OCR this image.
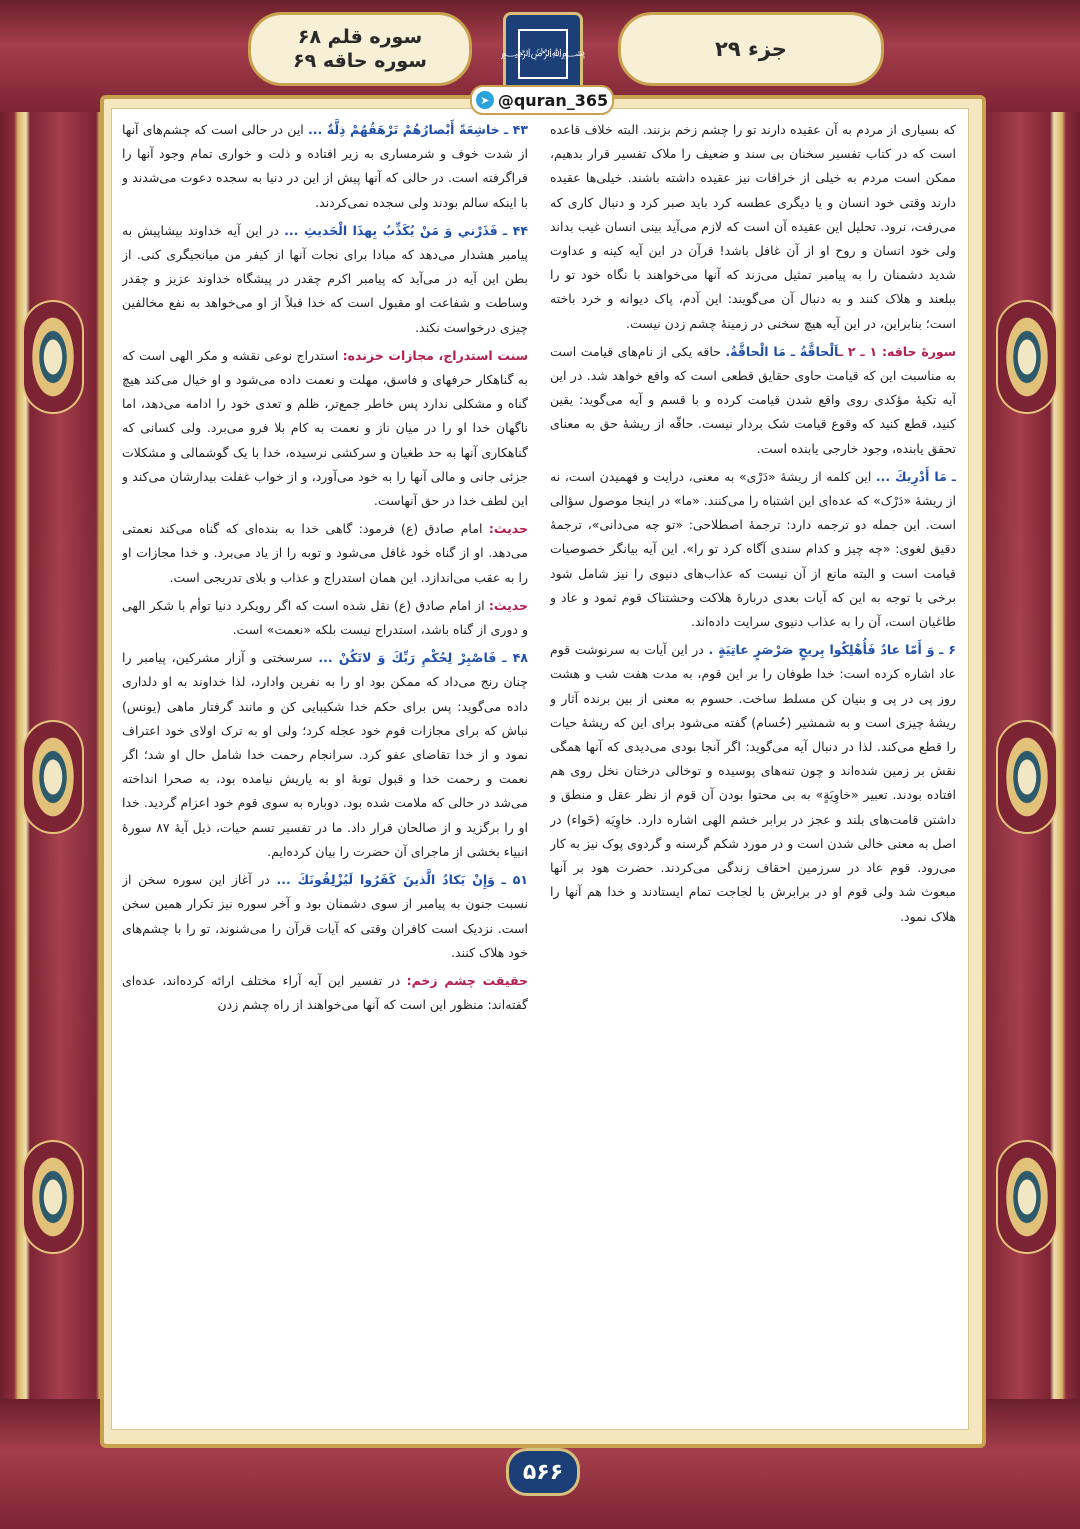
جزء ۲۹
سوره قلم ۶۸
سوره حاقه ۶۹	﷽
➤ @quran_365

۴۳ ـ خاشِعَةً أَبْصارُهُمْ تَرْهَقُهُمْ ذِلَّةٌ ... این در حالی است که چشم‌های آنها از شدت خوف و شرمساری به زیر افتاده و ذلت و خواری تمام وجود آنها را فراگرفته است. در حالی که آنها پیش از این در دنیا به سجده دعوت می‌شدند و با اینکه سالم بودند ولی سجده نمی‌کردند.

۴۴ ـ فَذَرْني وَ مَنْ يُكَذِّبُ بِهذَا الْحَديثِ ... در این آیه خداوند بیشاپیش به پیامبر هشدار می‌دهد که مبادا برای نجات آنها از کیفر من میانجیگری کنی. از بطن این آیه در می‌آید که پیامبر اکرم چقدر در پیشگاه خداوند عزیز و چقدر وساطت و شفاعت او مقبول است که خدا قبلاً از او می‌خواهد به نفع مخالفین چیزی درخواست نکند.

سنت استدراج، مجازات خزنده: استدراج نوعی نقشه و مکر الهی است که به گناهکار حرفهای و فاسق، مهلت و نعمت داده می‌شود و او خیال می‌کند هیچ گناه و مشکلی ندارد پس خاطر جمع‌تر، ظلم و تعدی خود را ادامه می‌دهد، اما ناگهان خدا او را در میان ناز و نعمت به کام بلا فرو می‌برد. ولی کسانی که گناهکاری آنها به حد طغیان و سرکشی نرسیده، خدا با یک گوشمالی و مشکلات جزئی جانی و مالی آنها را به خود می‌آورد، و از خواب غفلت بیدارشان می‌کند و این لطف خدا در حق آنهاست.

حدیث: امام صادق (ع) فرمود: گاهی خدا به بنده‌ای که گناه می‌کند نعمتی می‌دهد. او از گناه خود غافل می‌شود و توبه را از یاد می‌برد. و خدا مجازات او را به عقب می‌اندازد. این همان استدراج و عذاب و بلای تدریجی است.

حدیث: از امام صادق (ع) نقل شده است که اگر رویکرد دنیا توأم با شکر الهی و دوری از گناه باشد، استدراج نیست بلکه «نعمت» است.

۴۸ ـ فَاصْبِرْ لِحُكْمِ رَبِّكَ وَ لاتَكُنْ ... سرسختی و آزار مشرکین، پیامبر را چنان رنج می‌داد که ممکن بود او را به نفرین وادارد، لذا خداوند به او دلداری داده می‌گوید: پس برای حکم خدا شکیبایی کن و مانند گرفتار ماهی (یونس) نباش که برای مجازات قوم خود عجله کرد؛ ولی او به ترک اولای خود اعتراف نمود و از خدا تقاضای عفو کرد. سرانجام رحمت خدا شامل حال او شد؛ اگر نعمت و رحمت خدا و قبول توبهٔ او به یاریش نیامده بود، به صحرا انداخته می‌شد در حالی که ملامت شده بود. دوباره به سوی قوم خود اعزام گردید. خدا او را برگزید و از صالحان قرار داد. ما در تفسیر تسم حیات، ذیل آیهٔ ۸۷ سورهٔ انبیاء بخشی از ماجرای آن حضرت را بیان کرده‌ایم.

۵۱ ـ وَإِنْ يَكادُ الَّذينَ كَفَرُوا لَيُزْلِقُونَكَ ... در آغاز این سوره سخن از نسبت جنون به پیامبر از سوی دشمنان بود و آخر سوره نیز تکرار همین سخن است. نزدیک است کافران وقتی که آیات قرآن را می‌شنوند، تو را با چشم‌های خود هلاک کنند.

حقیقت چشم زخم: در تفسیر این آیه آراء مختلف ارائه کرده‌اند، عده‌ای گفته‌اند: منظور این است که آنها می‌خواهند از راه چشم زدن

که بسیاری از مردم به آن عقیده دارند تو را چشم زخم بزنند. البته خلاف قاعده است که در کتاب تفسیر سخنان بی سند و ضعیف را ملاک تفسیر قرار بدهیم، ممکن است مردم به خیلی از خرافات نیز عقیده داشته باشند. خیلی‌ها عقیده دارند وقتی خود انسان و یا دیگری عطسه کرد باید صبر کرد و دنبال کاری که می‌رفت، نرود. تحلیل این عقیده آن است که لازم می‌آید بینی انسان غیب بداند ولی خود انسان و روح او از آن غافل باشد! قرآن در این آیه کینه و عداوت شدید دشمنان را به پیامبر تمثیل می‌زند که آنها می‌خواهند با نگاه خود تو را ببلعند و هلاک کنند و به دنبال آن می‌گویند: این آدم، پاک دیوانه و خرد باخته است؛ بنابراین، در این آیه هیچ سخنی در زمینهٔ چشم زدن نیست.

سورهٔ حاقه: ۱ ـ ۲ ـاَلْحاقَّةُ ـ مَا الْحاقَّةُ. حاقه یکی از نام‌های قیامت است به مناسبت این که قیامت حاوی حقایق قطعی است که واقع خواهد شد. در این آیه تکیهٔ مؤکدی روی واقع شدن قیامت کرده و با قسم و آیه می‌گوید: یقین کنید، قطع کنید که وقوع قیامت شک بردار نیست. حاقّه از ریشهٔ حق به معنای تحقق یابنده، وجود خارجی یابنده است.

ـ مَا أَدْرِيكَ ... این کلمه از ریشهٔ «دَرْی» به معنی، درایت و فهمیدن است، نه از ریشهٔ «دَرْک» که عده‌ای این اشتباه را می‌کنند. «ما» در اینجا موصول سؤالی است. این جمله دو ترجمه دارد: ترجمهٔ اصطلاحی: «تو چه می‌دانی»، ترجمهٔ دقیق لغوی: «چه چیز و کدام سندی آگاه کرد تو را». این آیه بیانگر خصوصیات قیامت است و البته مانع از آن نیست که عذاب‌های دنیوی را نیز شامل شود برخی با توجه به این که آیات بعدی دربارهٔ هلاکت وحشتناک قوم ثمود و عاد و طاغیان است، آن را به عذاب دنیوی سرایت داده‌اند.

۶ ـ وَ أَمّا عادٌ فَأُهْلِكُوا بِريحٍ صَرْصَرٍ عاتِيَةٍ . در این آیات به سرنوشت قوم عاد اشاره کرده است: خدا طوفان را بر این قوم، به مدت هفت شب و هشت روز پی در پی و بنیان کن مسلط ساخت. حسوم به معنی از بین برنده آثار و ریشهٔ چیزی است و به شمشیر (حُسام) گفته می‌شود برای این که ریشهٔ حیات را قطع می‌کند. لذا در دنبال آیه می‌گوید: اگر آنجا بودی می‌دیدی که آنها همگی نقش بر زمین شده‌اند و چون تنه‌های پوسیده و توخالی درختان نخل روی هم افتاده بودند. تعبیر «خاوِيَةٍ» به بی محتوا بودن آن قوم از نظر عقل و منطق و داشتن قامت‌های بلند و عجز در برابر خشم الهی اشاره دارد. خاوِيَه (خَواء) در اصل به معنی خالی شدن است و در مورد شکم گرسنه و گردوی پوک نیز به کار می‌رود. قوم عاد در سرزمین احقاف زندگی می‌کردند. حضرت هود بر آنها مبعوث شد ولی قوم او در برابرش با لجاجت تمام ایستادند و خدا هم آنها را هلاک نمود.

۵۶۶
